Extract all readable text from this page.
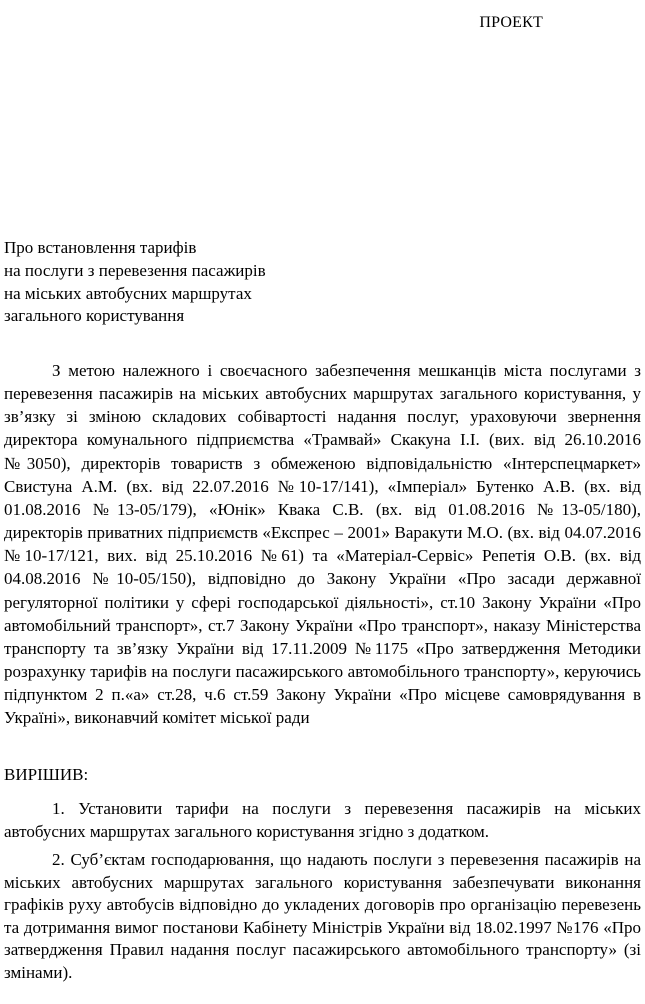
ПРОЕКТ
Про встановлення тарифів
на послуги з перевезення пасажирів
на міських автобусних маршрутах
загального користування

З метою належного і своєчасного забезпечення мешканців міста послугами з перевезення пасажирів на міських автобусних маршрутах загального користування, у зв’язку зі зміною складових собівартості надання послуг, ураховуючи звернення директора комунального підприємства «Трамвай» Скакуна І.І. (вих. від 26.10.2016 №3050), директорів товариств з обмеженою відповідальністю «Інтерспецмаркет» Свистуна А.М. (вх. від 22.07.2016 №10-17/141), «Імперіал» Бутенко А.В. (вх. від 01.08.2016 №13-05/179), «Юнік» Квака С.В. (вх. від 01.08.2016 №13-05/180), директорів приватних підприємств «Експрес – 2001» Варакути М.О. (вх. від 04.07.2016 №10-17/121, вих. від 25.10.2016 №61) та «Матеріал-Сервіс» Репетія О.В. (вх. від 04.08.2016 №10-05/150), відповідно до Закону України «Про засади державної регуляторної політики у сфері господарської діяльності», ст.10 Закону України «Про автомобільний транспорт», ст.7 Закону України «Про транспорт», наказу Міністерства транспорту та зв’язку України від 17.11.2009 №1175 «Про затвердження Методики розрахунку тарифів на послуги пасажирського автомобільного транспорту», керуючись підпунктом 2 п.«а» ст.28, ч.6 ст.59 Закону України «Про місцеве самоврядування в Україні», виконавчий комітет міської ради

ВИРІШИВ:

1. Установити тарифи на послуги з перевезення пасажирів на міських автобусних маршрутах загального користування згідно з додатком.

2. Суб’єктам господарювання, що надають послуги з перевезення пасажирів на міських автобусних маршрутах загального користування забезпечувати виконання графіків руху автобусів відповідно до укладених договорів про організацію перевезень та дотримання вимог постанови Кабінету Міністрів України від 18.02.1997 №176 «Про затвердження Правил надання послуг пасажирського автомобільного транспорту» (зі змінами).
